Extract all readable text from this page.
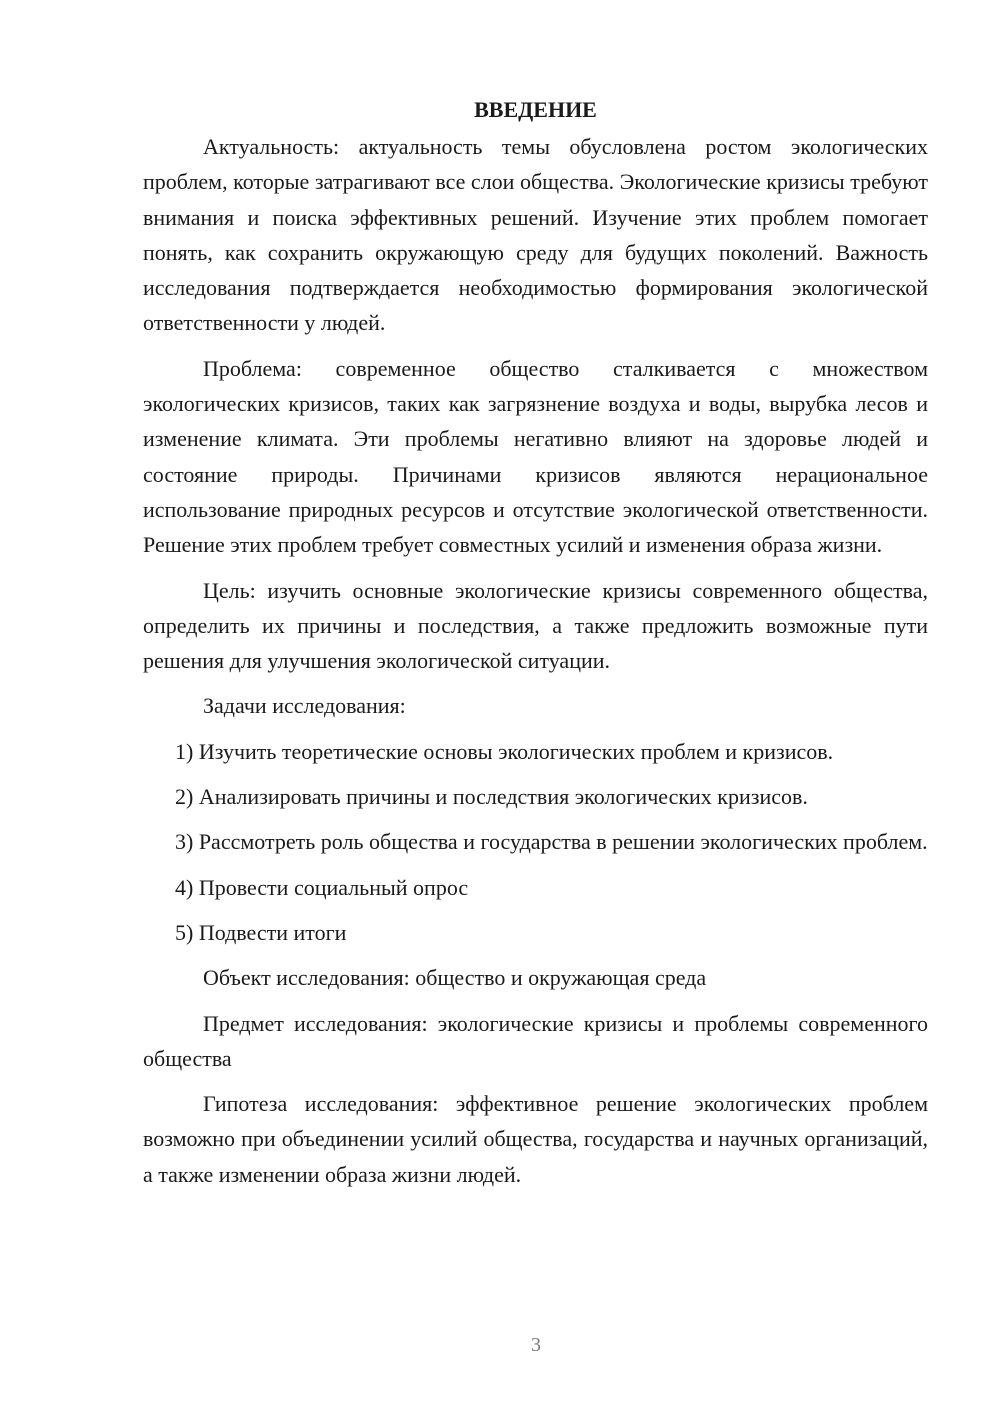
ВВЕДЕНИЕ

Актуальность: актуальность темы обусловлена ростом экологических проблем, которые затрагивают все слои общества. Экологические кризисы требуют внимания и поиска эффективных решений. Изучение этих проблем помогает понять, как сохранить окружающую среду для будущих поколений. Важность исследования подтверждается необходимостью формирования экологической ответственности у людей.

Проблема: современное общество сталкивается с множеством экологических кризисов, таких как загрязнение воздуха и воды, вырубка лесов и изменение климата. Эти проблемы негативно влияют на здоровье людей и состояние природы. Причинами кризисов являются нерациональное использование природных ресурсов и отсутствие экологической ответственности. Решение этих проблем требует совместных усилий и изменения образа жизни.

Цель: изучить основные экологические кризисы современного общества, определить их причины и последствия, а также предложить возможные пути решения для улучшения экологической ситуации.

Задачи исследования:

1) Изучить теоретические основы экологических проблем и кризисов.

2) Анализировать причины и последствия экологических кризисов.

3) Рассмотреть роль общества и государства в решении экологических проблем.

4) Провести социальный опрос

5) Подвести итоги

Объект исследования: общество и окружающая среда

Предмет исследования: экологические кризисы и проблемы современного общества

Гипотеза исследования: эффективное решение экологических проблем возможно при объединении усилий общества, государства и научных организаций, а также изменении образа жизни людей.

3
